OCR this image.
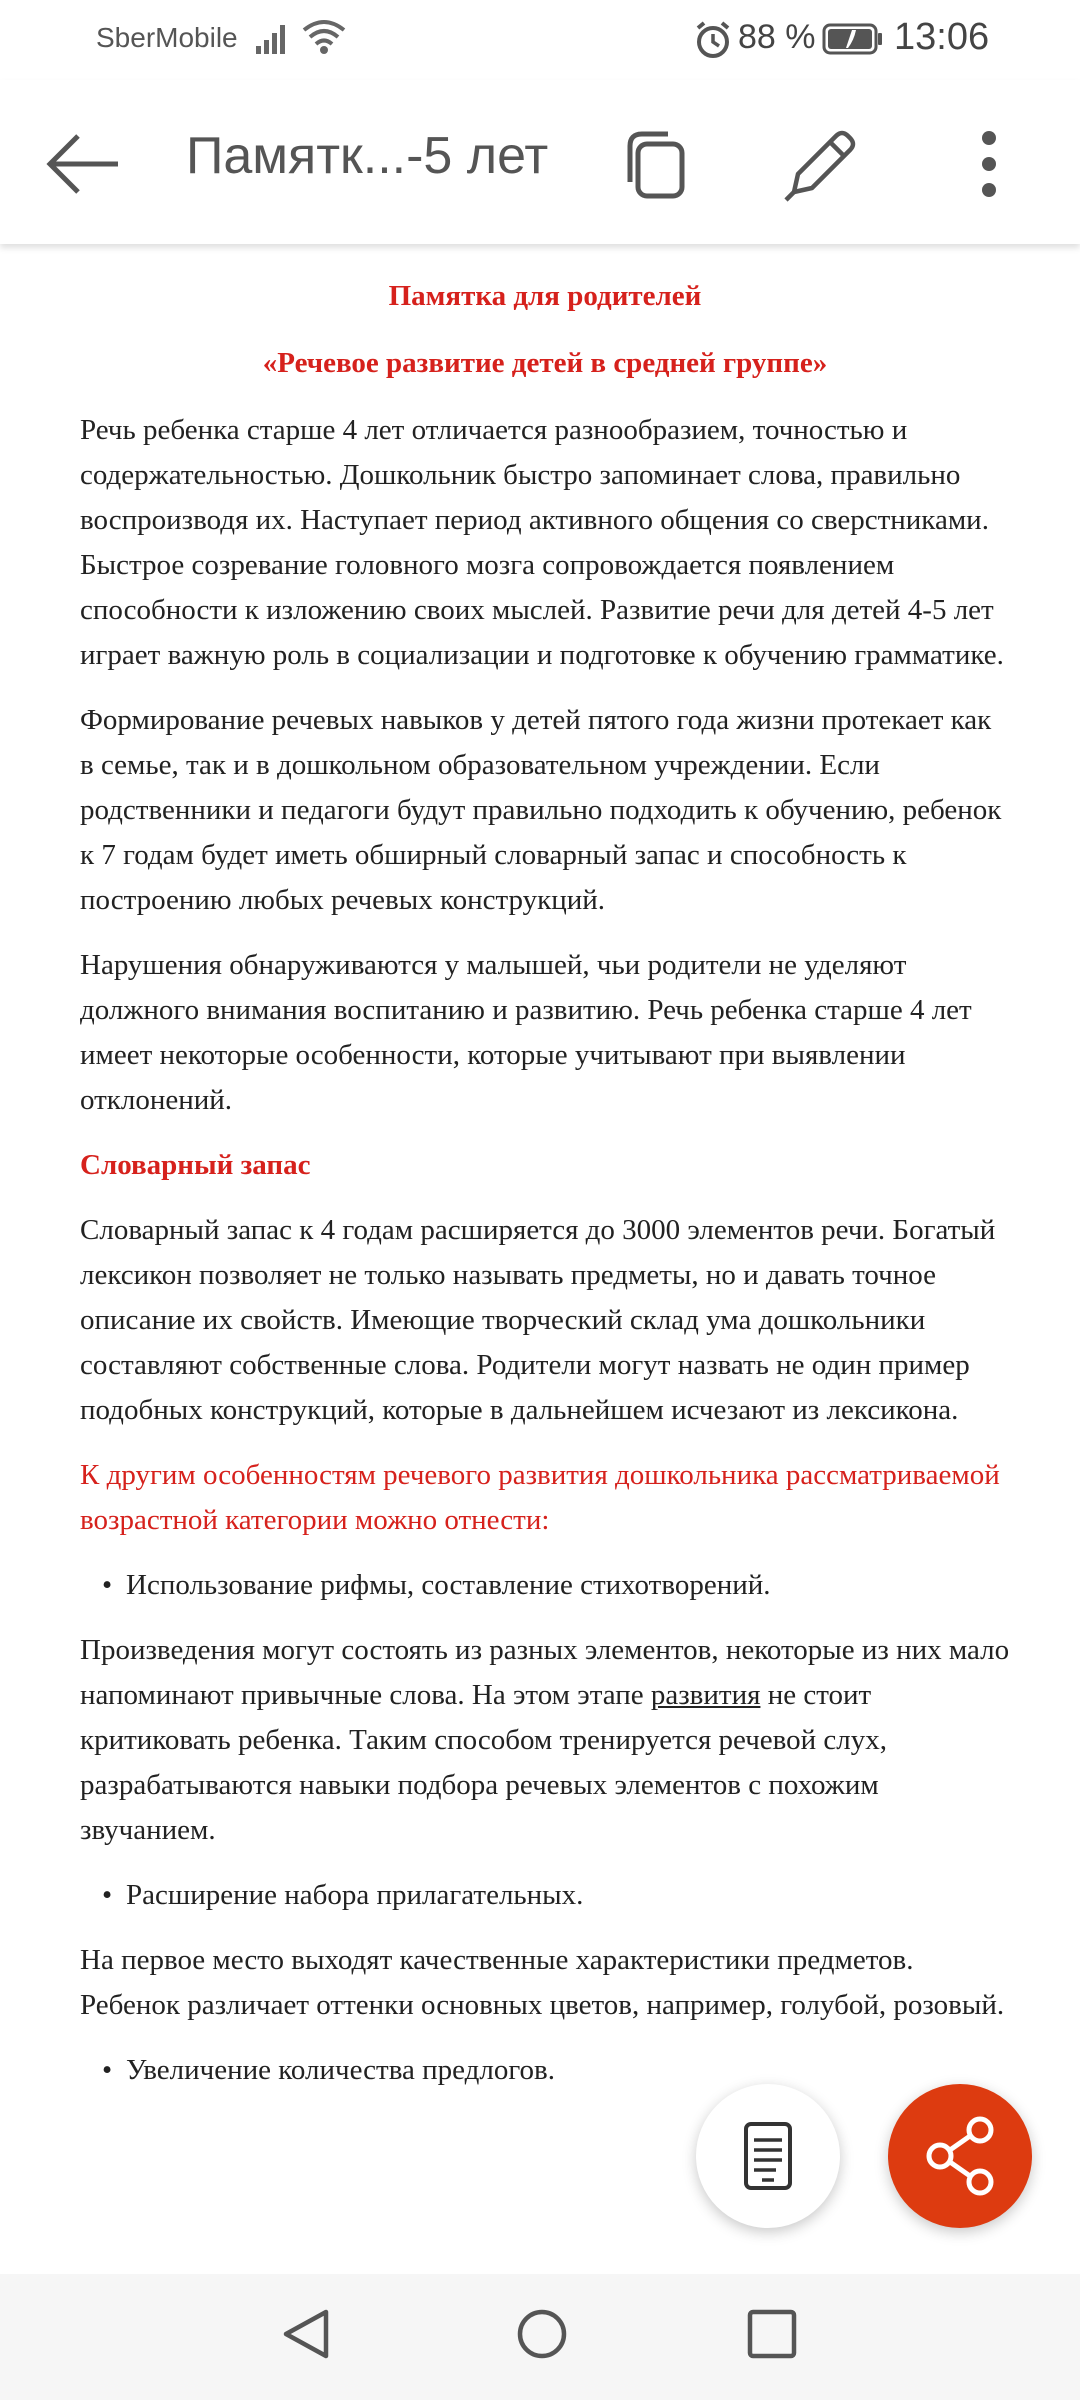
SberMobile	88 % 13:06
Памятк...-5 лет
Памятка для родителей
«Речевое развитие детей в средней группе»

Речь ребенка старше 4 лет отличается разнообразием, точностью и содержательностью. Дошкольник быстро запоминает слова, правильно воспроизводя их. Наступает период активного общения со сверстниками. Быстрое созревание головного мозга сопровождается появлением способности к изложению своих мыслей. Развитие речи для детей 4-5 лет играет важную роль в социализации и подготовке к обучению грамматике.

Формирование речевых навыков у детей пятого года жизни протекает как в семье, так и в дошкольном образовательном учреждении. Если родственники и педагоги будут правильно подходить к обучению, ребенок к 7 годам будет иметь обширный словарный запас и способность к построению любых речевых конструкций.

Нарушения обнаруживаются у малышей, чьи родители не уделяют должного внимания воспитанию и развитию. Речь ребенка старше 4 лет имеет некоторые особенности, которые учитывают при выявлении отклонений.

Словарный запас

Словарный запас к 4 годам расширяется до 3000 элементов речи. Богатый лексикон позволяет не только называть предметы, но и давать точное описание их свойств. Имеющие творческий склад ума дошкольники составляют собственные слова. Родители могут назвать не один пример подобных конструкций, которые в дальнейшем исчезают из лексикона.

К другим особенностям речевого развития дошкольника рассматриваемой возрастной категории можно отнести:

• Использование рифмы, составление стихотворений.

Произведения могут состоять из разных элементов, некоторые из них мало напоминают привычные слова. На этом этапе развития не стоит критиковать ребенка. Таким способом тренируется речевой слух, разрабатываются навыки подбора речевых элементов с похожим звучанием.

• Расширение набора прилагательных.

На первое место выходят качественные характеристики предметов. Ребенок различает оттенки основных цветов, например, голубой, розовый.

• Увеличение количества предлогов.
